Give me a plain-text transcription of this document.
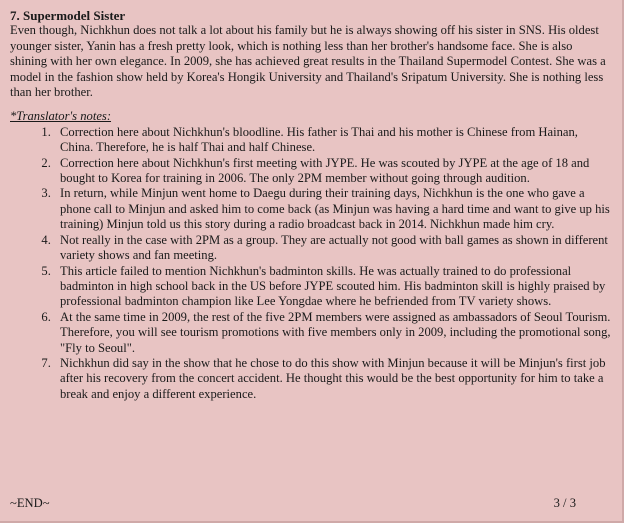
7. Supermodel Sister

Even though, Nichkhun does not talk a lot about his family but he is always showing off his sister in SNS. His oldest younger sister, Yanin has a fresh pretty look, which is nothing less than her brother's handsome face. She is also shining with her own elegance. In 2009, she has achieved great results in the Thailand Supermodel Contest. She was a model in the fashion show held by Korea's Hongik University and Thailand's Sripatum University. She is nothing less than her brother.

*Translator's notes:

1. Correction here about Nichkhun's bloodline. His father is Thai and his mother is Chinese from Hainan, China. Therefore, he is half Thai and half Chinese.
2. Correction here about Nichkhun's first meeting with JYPE. He was scouted by JYPE at the age of 18 and bought to Korea for training in 2006. The only 2PM member without going through audition.
3. In return, while Minjun went home to Daegu during their training days, Nichkhun is the one who gave a phone call to Minjun and asked him to come back (as Minjun was having a hard time and want to give up his training) Minjun told us this story during a radio broadcast back in 2014. Nichkhun made him cry.
4. Not really in the case with 2PM as a group. They are actually not good with ball games as shown in different variety shows and fan meeting.
5. This article failed to mention Nichkhun's badminton skills. He was actually trained to do professional badminton in high school back in the US before JYPE scouted him. His badminton skill is highly praised by professional badminton champion like Lee Yongdae where he befriended from TV variety shows.
6. At the same time in 2009, the rest of the five 2PM members were assigned as ambassadors of Seoul Tourism. Therefore, you will see tourism promotions with five members only in 2009, including the promotional song, "Fly to Seoul".
7. Nichkhun did say in the show that he chose to do this show with Minjun because it will be Minjun's first job after his recovery from the concert accident. He thought this would be the best opportunity for him to take a break and enjoy a different experience.
~END~	3 / 3
